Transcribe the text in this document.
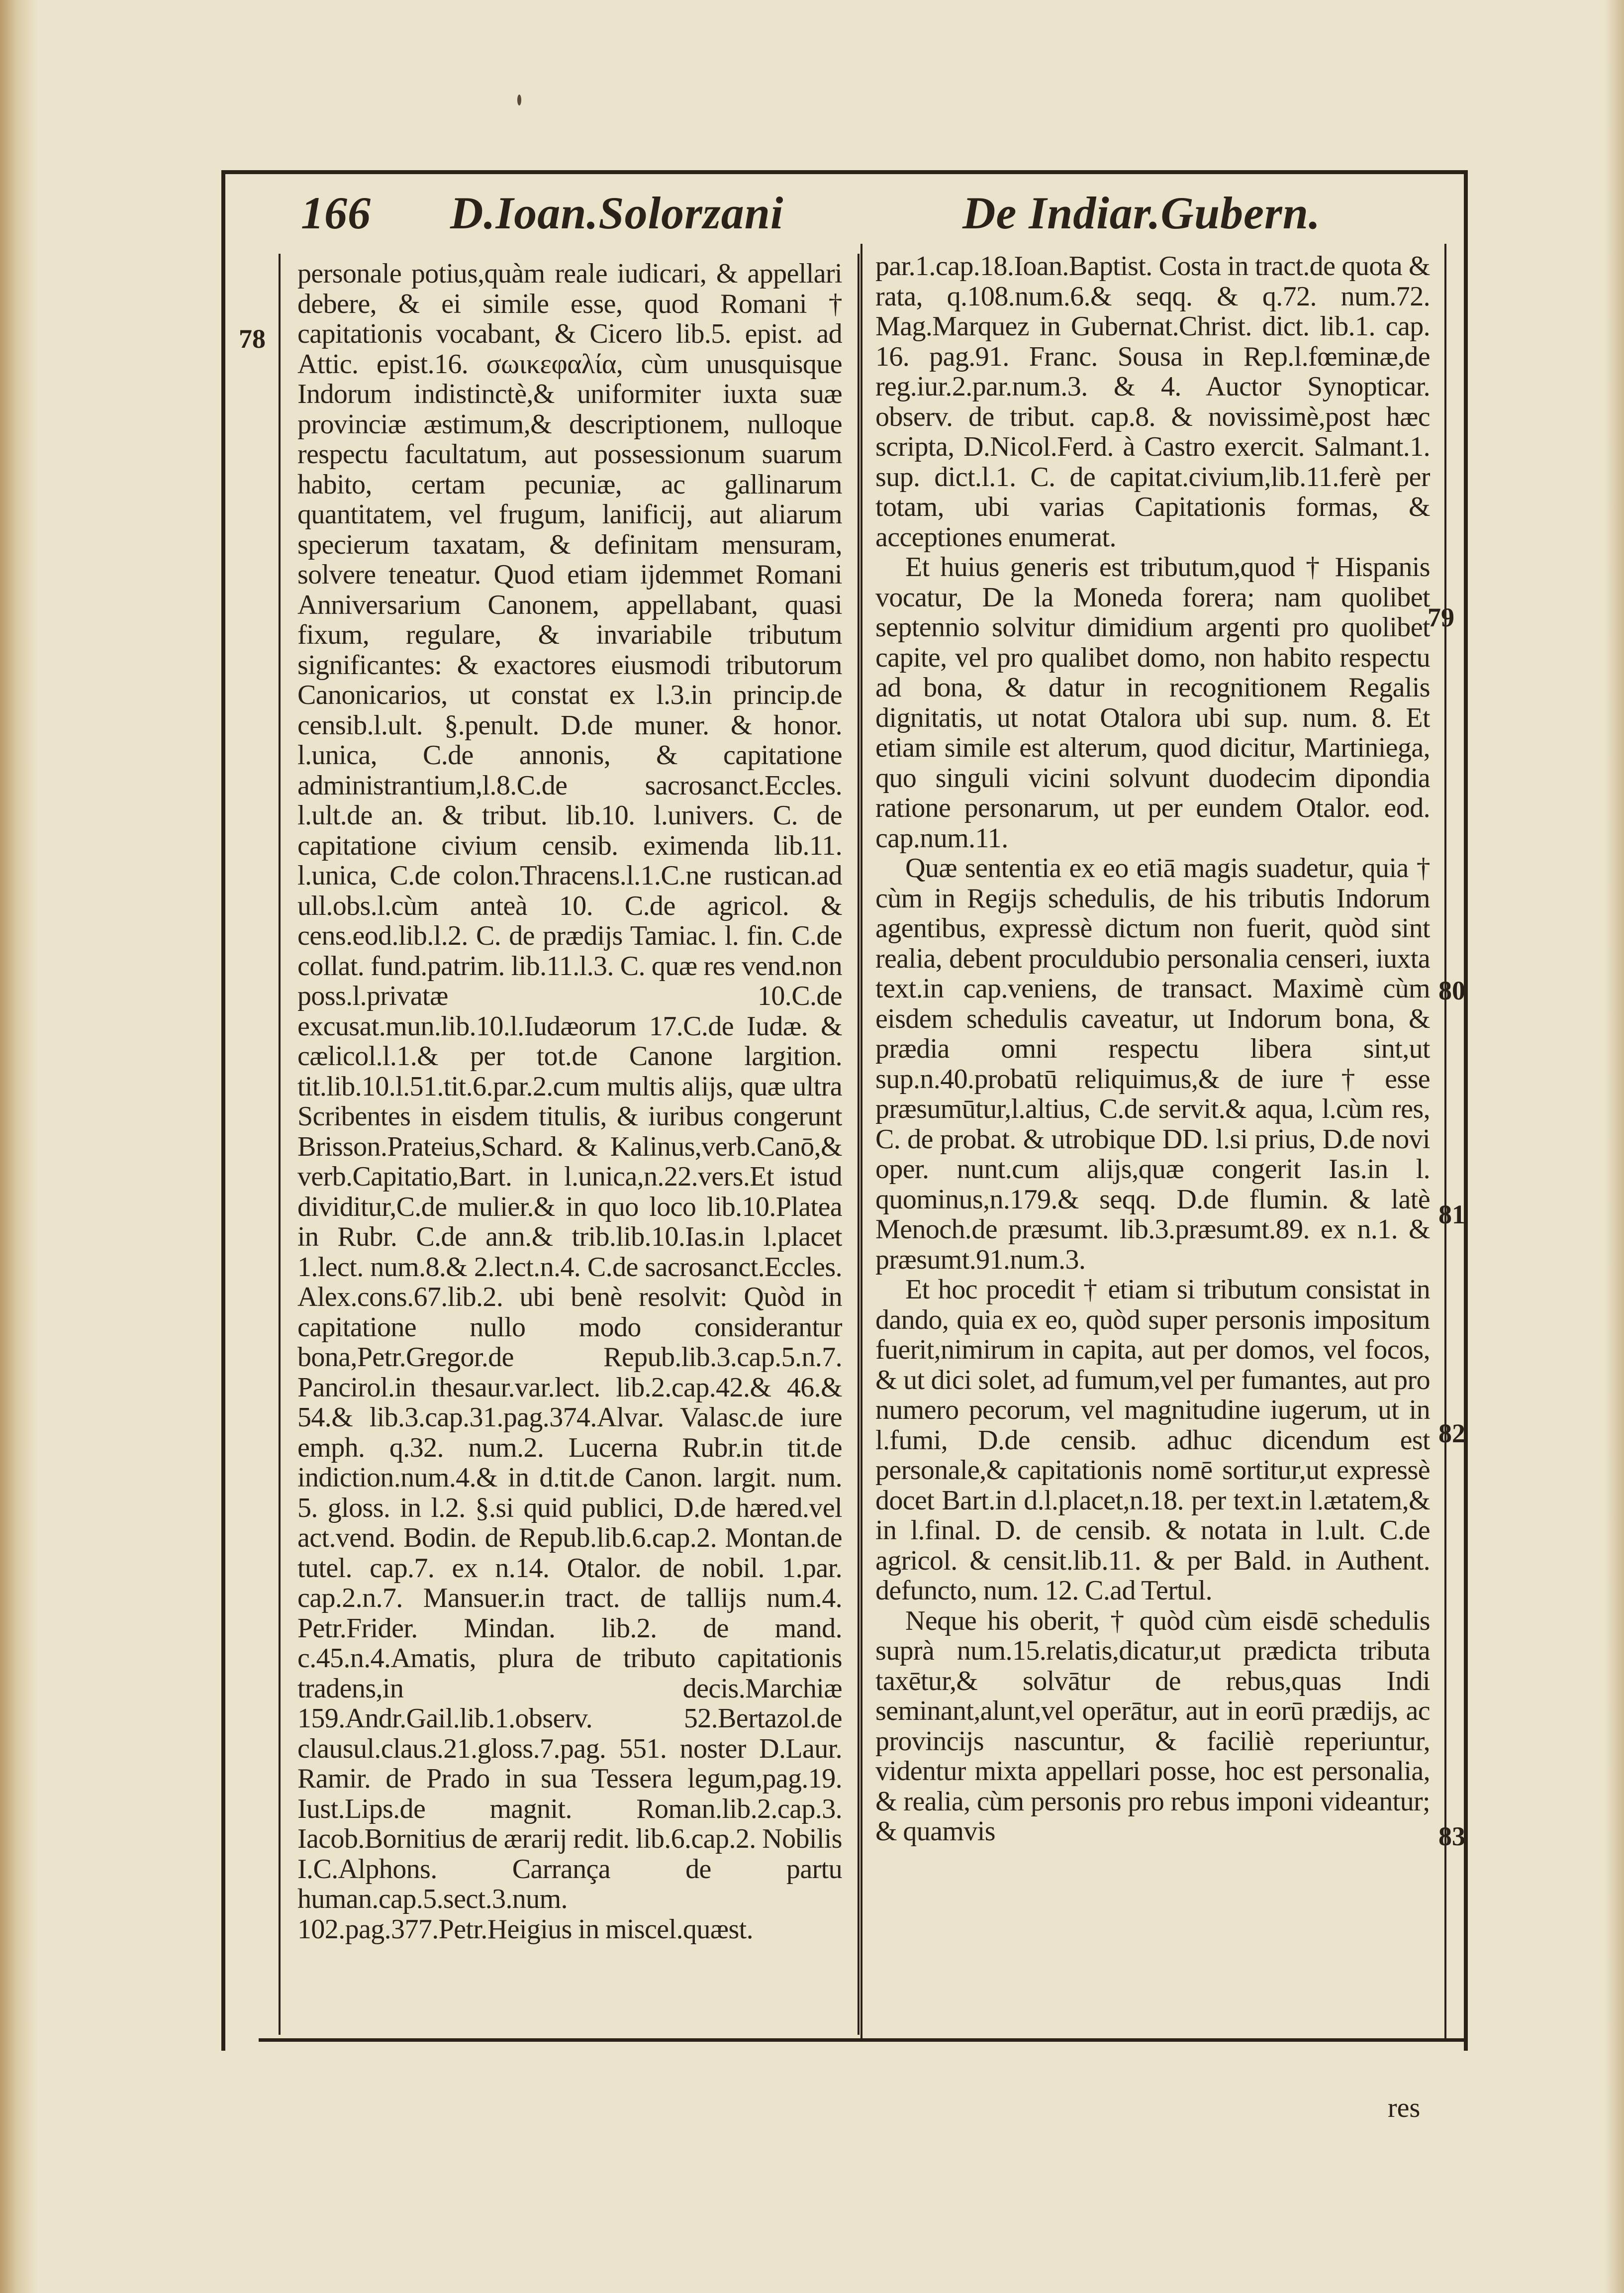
166 D.Ioan.Solorzani	De Indiar.Gubern.

personale potius,quàm reale iudicari, & appellari debere, & ei simile esse, quod Romani † capitationis vocabant, & Cicero lib.5. epist. ad Attic. epist.16. σωικεφαλία, cùm unusquisque Indorum indistinctè,& uniformiter iuxta suæ provinciæ æstimum,& descriptionem, nulloque respectu facultatum, aut possessionum suarum habito, certam pecuniæ, ac gallinarum quantitatem, vel frugum, lanificij, aut aliarum specierum taxatam, & definitam mensuram, solvere teneatur. Quod etiam ijdemmet Romani Anniversarium Canonem, appellabant, quasi fixum, regulare, & invariabile tributum significantes: & exactores eiusmodi tributorum Canonicarios, ut constat ex l.3.in princip.de censib.l.ult. §.penult. D.de muner. & honor. l.unica, C.de annonis, & capitatione administrantium,l.8.C.de sacrosanct.Eccles. l.ult.de an. & tribut. lib.10. l.univers. C. de capitatione civium censib. eximenda lib.11. l.unica, C.de colon.Thracens.l.1.C.ne rustican.ad ull.obs.l.cùm anteà 10. C.de agricol. & cens.eod.lib.l.2. C. de prædijs Tamiac. l. fin. C.de collat. fund.patrim. lib.11.l.3. C. quæ res vend.non poss.l.privatæ 10.C.de excusat.mun.lib.10.l.Iudæorum 17.C.de Iudæ. & cælicol.l.1.& per tot.de Canone largition. tit.lib.10.l.51.tit.6.par.2.cum multis alijs, quæ ultra Scribentes in eisdem titulis, & iuribus congerunt Brisson.Prateius,Schard. & Kalinus,verb.Canō,& verb.Capitatio,Bart. in l.unica,n.22.vers.Et istud dividitur,C.de mulier.& in quo loco lib.10.Platea in Rubr. C.de ann.& trib.lib.10.Ias.in l.placet 1.lect. num.8.& 2.lect.n.4. C.de sacrosanct.Eccles. Alex.cons.67.lib.2. ubi benè resolvit: Quòd in capitatione nullo modo considerantur bona,Petr.Gregor.de Repub.lib.3.cap.5.n.7. Pancirol.in thesaur.var.lect. lib.2.cap.42.& 46.& 54.& lib.3.cap.31.pag.374.Alvar. Valasc.de iure emph. q.32. num.2. Lucerna Rubr.in tit.de indiction.num.4.& in d.tit.de Canon. largit. num. 5. gloss. in l.2. §.si quid publici, D.de hæred.vel act.vend. Bodin. de Repub.lib.6.cap.2. Montan.de tutel. cap.7. ex n.14. Otalor. de nobil. 1.par. cap.2.n.7. Mansuer.in tract. de tallijs num.4. Petr.Frider. Mindan. lib.2. de mand. c.45.n.4.Amatis, plura de tributo capitationis tradens,in decis.Marchiæ 159.Andr.Gail.lib.1.observ. 52.Bertazol.de clausul.claus.21.gloss.7.pag. 551. noster D.Laur. Ramir. de Prado in sua Tessera legum,pag.19. Iust.Lips.de magnit. Roman.lib.2.cap.3. Iacob.Bornitius de ærarij redit. lib.6.cap.2. Nobilis I.C.Alphons. Carrança de partu human.cap.5.sect.3.num. 102.pag.377.Petr.Heigius in miscel.quæst.

par.1.cap.18.Ioan.Baptist. Costa in tract.de quota & rata, q.108.num.6.& seqq. & q.72. num.72. Mag.Marquez in Gubernat.Christ. dict. lib.1. cap. 16. pag.91. Franc. Sousa in Rep.l.fœminæ,de reg.iur.2.par.num.3. & 4. Auctor Synopticar. observ. de tribut. cap.8. & novissimè,post hæc scripta, D.Nicol.Ferd. à Castro exercit. Salmant.1. sup. dict.l.1. C. de capitat.civium,lib.11.ferè per totam, ubi varias Capitationis formas, & acceptiones enumerat.

Et huius generis est tributum,quod † Hispanis vocatur, De la Moneda forera; nam quolibet septennio solvitur dimidium argenti pro quolibet capite, vel pro qualibet domo, non habito respectu ad bona, & datur in recognitionem Regalis dignitatis, ut notat Otalora ubi sup. num. 8. Et etiam simile est alterum, quod dicitur, Martiniega, quo singuli vicini solvunt duodecim dipondia ratione personarum, ut per eundem Otalor. eod. cap.num.11.

Quæ sententia ex eo etiā magis suadetur, quia † cùm in Regijs schedulis, de his tributis Indorum agentibus, expressè dictum non fuerit, quòd sint realia, debent proculdubio personalia censeri, iuxta text.in cap.veniens, de transact. Maximè cùm eisdem schedulis caveatur, ut Indorum bona, & prædia omni respectu libera sint,ut sup.n.40.probatū reliquimus,& de iure † esse præsumūtur,l.altius, C.de servit.& aqua, l.cùm res, C. de probat. & utrobique DD. l.si prius, D.de novi oper. nunt.cum alijs,quæ congerit Ias.in l. quominus,n.179.& seqq. D.de flumin. & latè Menoch.de præsumt. lib.3.præsumt.89. ex n.1. & præsumt.91.num.3.

Et hoc procedit † etiam si tributum consistat in dando, quia ex eo, quòd super personis impositum fuerit,nimirum in capita, aut per domos, vel focos, & ut dici solet, ad fumum,vel per fumantes, aut pro numero pecorum, vel magnitudine iugerum, ut in l.fumi, D.de censib. adhuc dicendum est personale,& capitationis nomē sortitur,ut expressè docet Bart.in d.l.placet,n.18. per text.in l.ætatem,& in l.final. D. de censib. & notata in l.ult. C.de agricol. & censit.lib.11. & per Bald. in Authent. defuncto, num. 12. C.ad Tertul.

Neque his oberit, † quòd cùm eisdē schedulis suprà num.15.relatis,dicatur,ut prædicta tributa taxētur,& solvātur de rebus,quas Indi seminant,alunt,vel operātur, aut in eorū prædijs, ac provincijs nascuntur, & faciliè reperiuntur, videntur mixta appellari posse, hoc est personalia, & realia, cùm personis pro rebus imponi videantur; & quamvis

78
79
80
81
82
83
res
